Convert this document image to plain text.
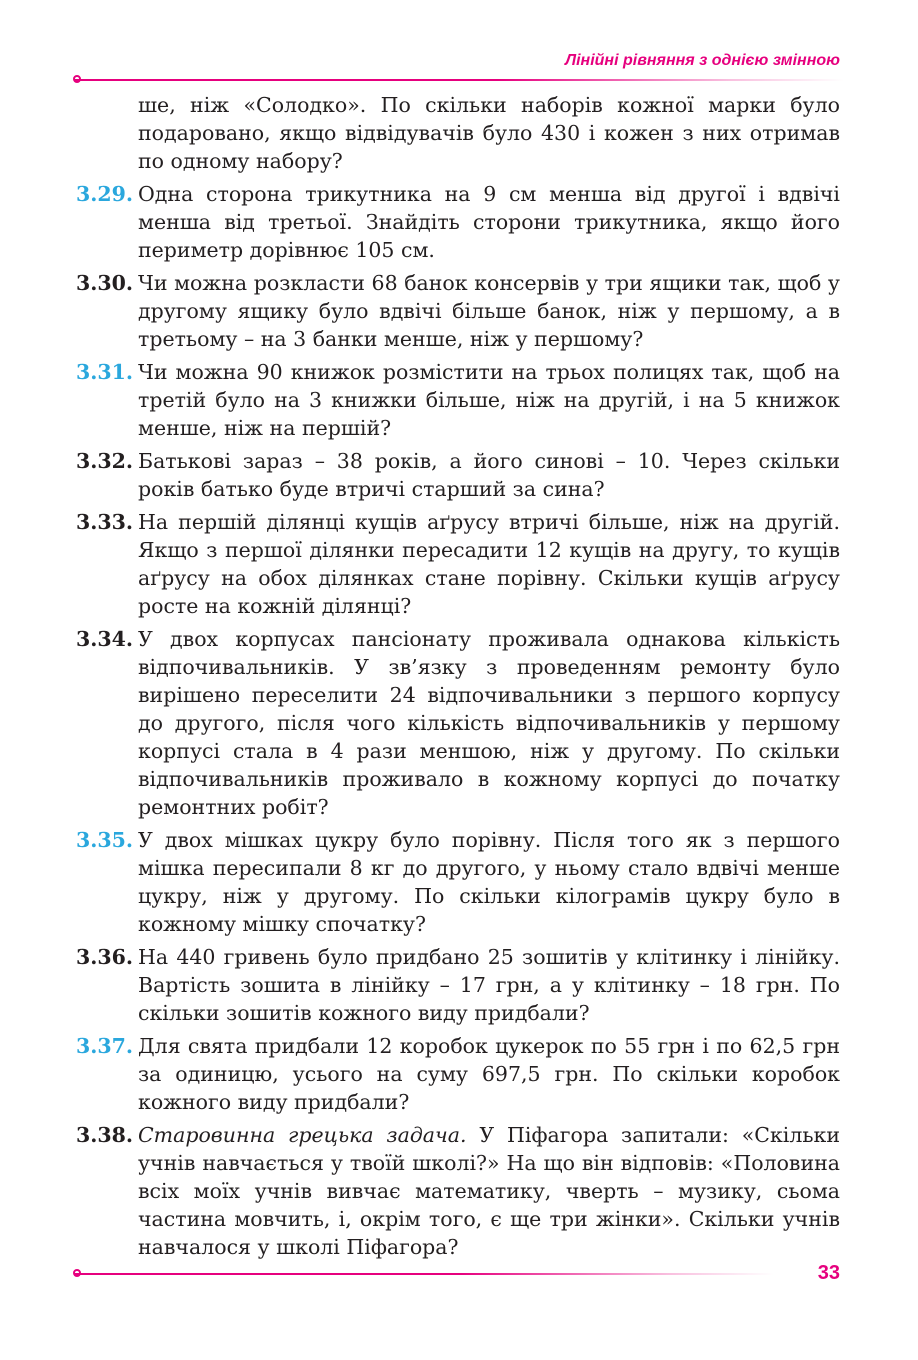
Лінійні рівняння з однією змінною

ше, ніж «Солодко». По скільки наборів кожної марки було подаровано, якщо відвідувачів було 430 і кожен з них отримав по одному набору?

3.29. Одна сторона трикутника на 9 см менша від другої і вдвічі менша від третьої. Знайдіть сторони трикутника, якщо його периметр дорівнює 105 см.

3.30. Чи можна розкласти 68 банок консервів у три ящики так, щоб у другому ящику було вдвічі більше банок, ніж у першому, а в третьому – на 3 банки менше, ніж у першому?

3.31. Чи можна 90 книжок розмістити на трьох полицях так, щоб на третій було на 3 книжки більше, ніж на другій, і на 5 книжок менше, ніж на першій?

3.32. Батькові зараз – 38 років, а його синові – 10. Через скільки років батько буде втричі старший за сина?

3.33. На першій ділянці кущів аґрусу втричі більше, ніж на другій. Якщо з першої ділянки пересадити 12 кущів на другу, то кущів аґрусу на обох ділянках стане порівну. Скільки кущів аґрусу росте на кожній ділянці?

3.34. У двох корпусах пансіонату проживала однакова кількість відпочивальників. У зв’язку з проведенням ремонту було вирішено переселити 24 відпочивальники з першого корпусу до другого, після чого кількість відпочивальників у першому корпусі стала в 4 рази меншою, ніж у другому. По скільки відпочивальників проживало в кожному корпусі до початку ремонтних робіт?

3.35. У двох мішках цукру було порівну. Після того як з першого мішка пересипали 8 кг до другого, у ньому стало вдвічі менше цукру, ніж у другому. По скільки кілограмів цукру було в кожному мішку спочатку?

3.36. На 440 гривень було придбано 25 зошитів у клітинку і лінійку. Вартість зошита в лінійку – 17 грн, а у клітинку – 18 грн. По скільки зошитів кожного виду придбали?

3.37. Для свята придбали 12 коробок цукерок по 55 грн і по 62,5 грн за одиницю, усього на суму 697,5 грн. По скільки коробок кожного виду придбали?

3.38. Старовинна грецька задача. У Піфагора запитали: «Скільки учнів навчається у твоїй школі?» На що він відповів: «Половина всіх моїх учнів вивчає математику, чверть – музику, сьома частина мовчить, і, окрім того, є ще три жінки». Скільки учнів навчалося у школі Піфагора?

33
